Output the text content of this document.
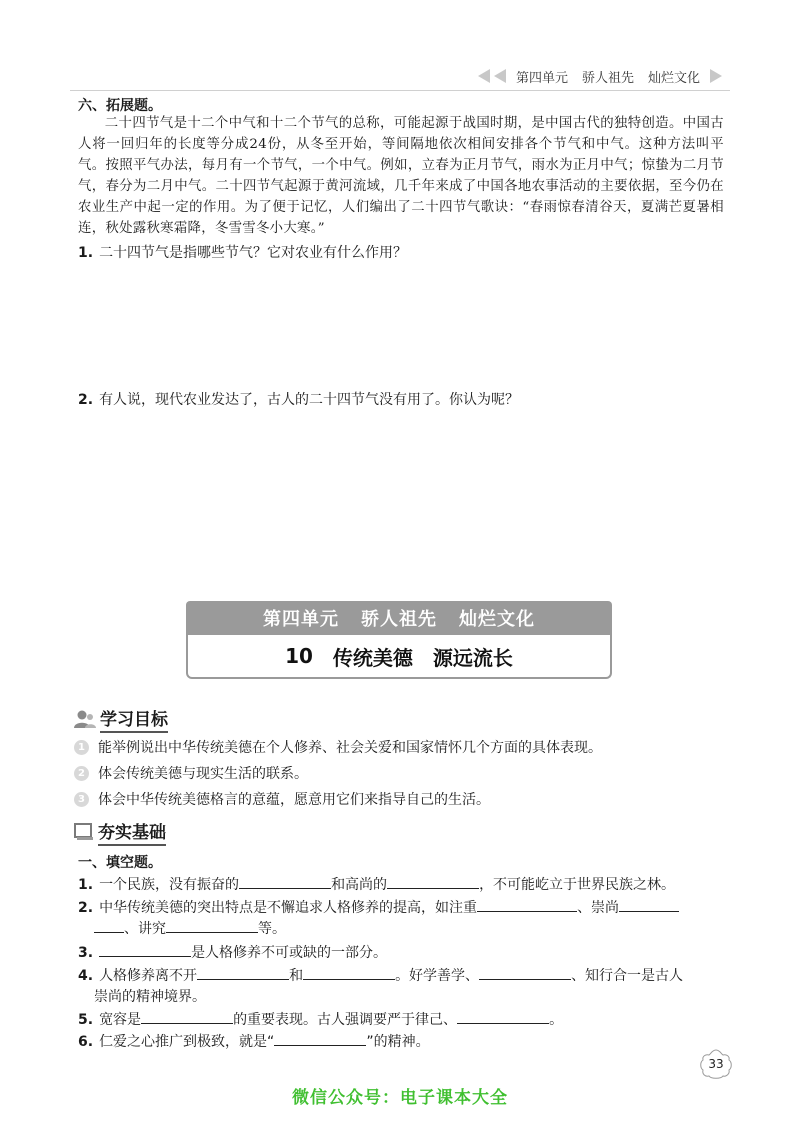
第四单元 骄人祖先 灿烂文化
六、拓展题。
二十四节气是十二个中气和十二个节气的总称，可能起源于战国时期，是中国古代的独特创造。中国古人将一回归年的长度等分成24份，从冬至开始，等间隔地依次相间安排各个节气和中气。这种方法叫平气。按照平气办法，每月有一个节气，一个中气。例如，立春为正月节气，雨水为正月中气；惊蛰为二月节气，春分为二月中气。二十四节气起源于黄河流域，几千年来成了中国各地农事活动的主要依据，至今仍在农业生产中起一定的作用。为了便于记忆，人们编出了二十四节气歌诀：“春雨惊春清谷天，夏满芒夏暑相连，秋处露秋寒霜降，冬雪雪冬小大寒。”
1. 二十四节气是指哪些节气？它对农业有什么作用？
2. 有人说，现代农业发达了，古人的二十四节气没有用了。你认为呢？
第四单元 骄人祖先 灿烂文化
10 传统美德 源远流长
学习目标
1 能举例说出中华传统美德在个人修养、社会关爱和国家情怀几个方面的具体表现。
2 体会传统美德与现实生活的联系。
3 体会中华传统美德格言的意蕴，愿意用它们来指导自己的生活。
夯实基础
一、填空题。
1. 一个民族，没有振奋的	和高尚的	，不可能屹立于世界民族之林。
2. 中华传统美德的突出特点是不懈追求人格修养的提高，如注重	、崇尚
、讲究	等。
3.	是人格修养不可或缺的一部分。
4. 人格修养离不开	和	。好学善学、	、知行合一是古人
崇尚的精神境界。
5. 宽容是	的重要表现。古人强调要严于律己、	。
6. 仁爱之心推广到极致，就是“	”的精神。
33
微信公众号：电子课本大全
